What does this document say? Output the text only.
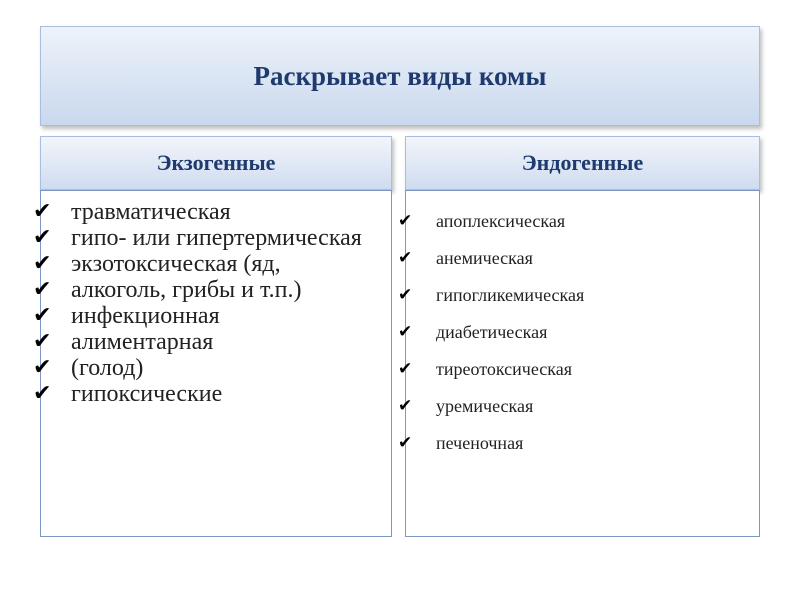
Раскрывает виды комы
Экзогенные	Эндогенные
✔ травматическая
✔ гипо- или гипертермическая
✔ экзотоксическая (яд,
✔ алкоголь, грибы и т.п.)
✔ инфекционная
✔ алиментарная
✔ (голод)
✔ гипоксические
✔ апоплексическая
✔ анемическая
✔ гипогликемическая
✔ диабетическая
✔ тиреотоксическая
✔ уремическая
✔ печеночная
